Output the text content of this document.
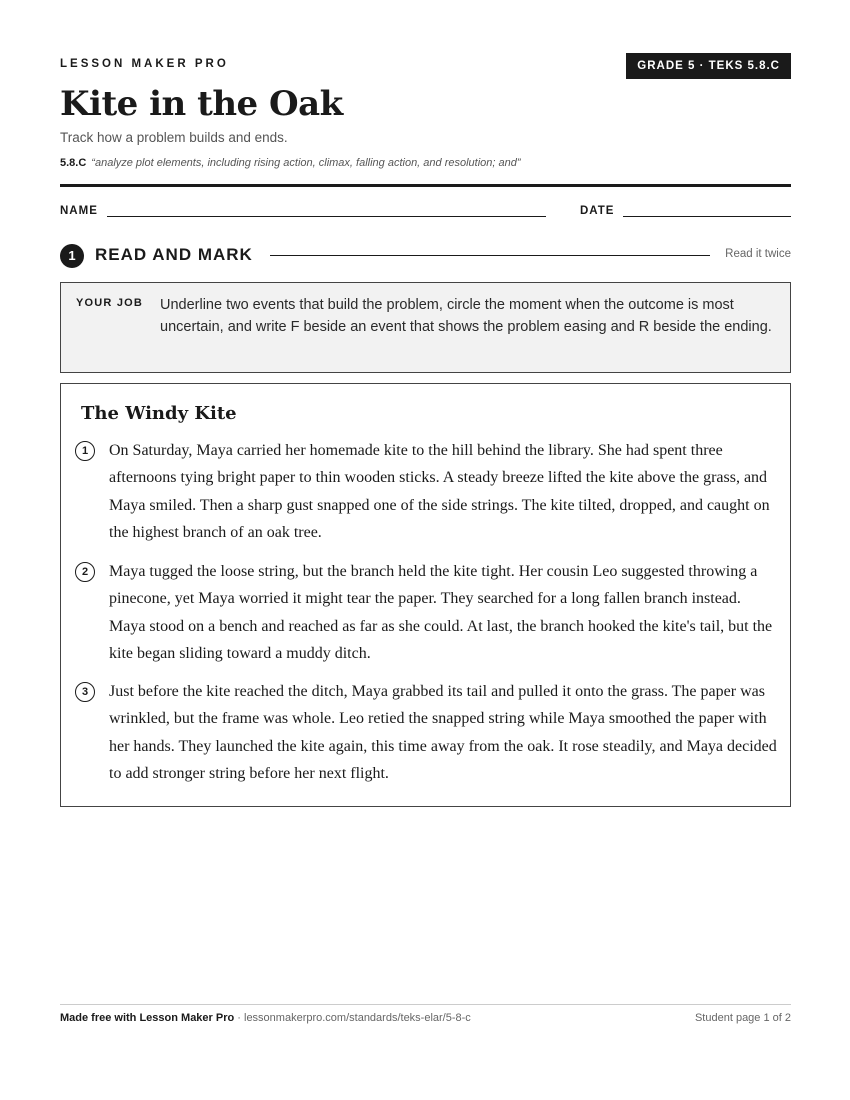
LESSON MAKER PRO	GRADE 5 · TEKS 5.8.C
Kite in the Oak
Track how a problem builds and ends.
5.8.C “analyze plot elements, including rising action, climax, falling action, and resolution; and”
NAME	DATE
1	READ AND MARK	Read it twice
YOUR JOB Underline two events that build the problem, circle the moment when the outcome is most uncertain, and write F beside an event that shows the problem easing and R beside the ending.
The Windy Kite
1	On Saturday, Maya carried her homemade kite to the hill behind the library. She had spent three afternoons tying bright paper to thin wooden sticks. A steady breeze lifted the kite above the grass, and Maya smiled. Then a sharp gust snapped one of the side strings. The kite tilted, dropped, and caught on the highest branch of an oak tree.
2	Maya tugged the loose string, but the branch held the kite tight. Her cousin Leo suggested throwing a pinecone, yet Maya worried it might tear the paper. They searched for a long fallen branch instead. Maya stood on a bench and reached as far as she could. At last, the branch hooked the kite's tail, but the kite began sliding toward a muddy ditch.
3	Just before the kite reached the ditch, Maya grabbed its tail and pulled it onto the grass. The paper was wrinkled, but the frame was whole. Leo retied the snapped string while Maya smoothed the paper with her hands. They launched the kite again, this time away from the oak. It rose steadily, and Maya decided to add stronger string before her next flight.
Made free with Lesson Maker Pro · lessonmakerpro.com/standards/teks-elar/5-8-c	Student page 1 of 2
